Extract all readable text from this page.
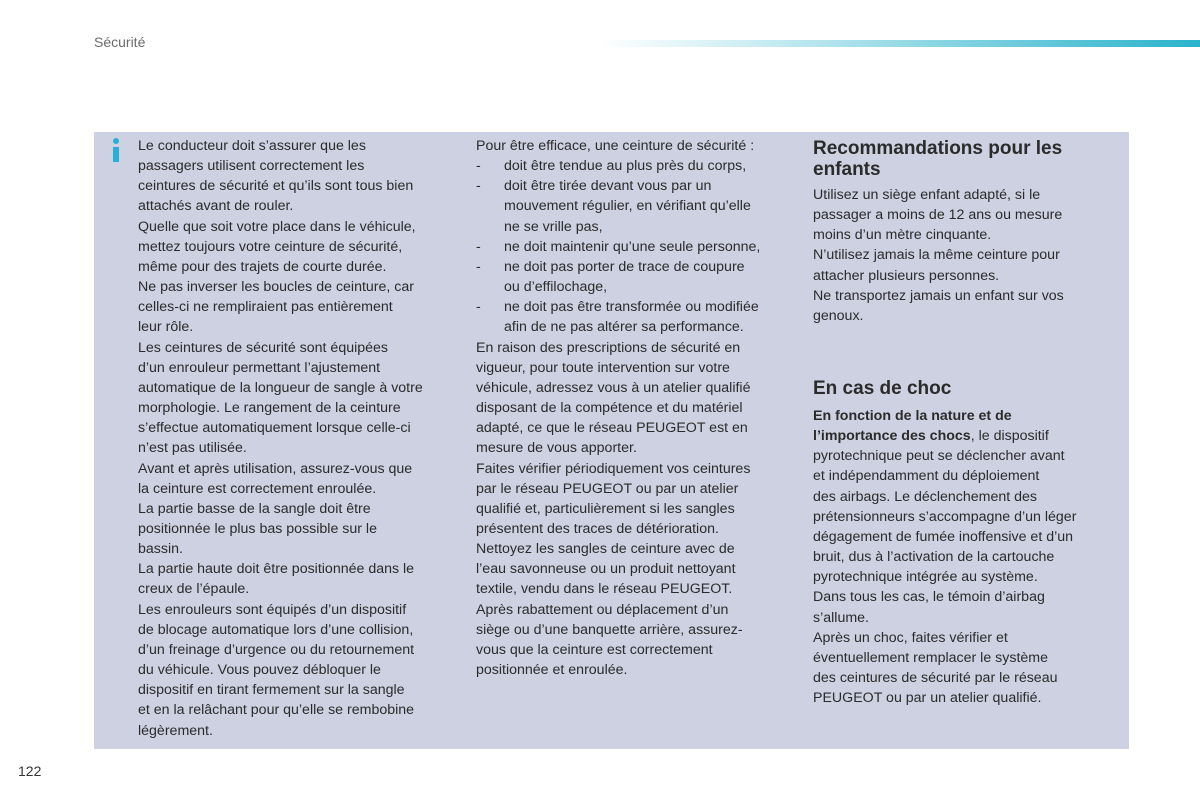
Sécurité
Le conducteur doit s’assurer que les
passagers utilisent correctement les
ceintures de sécurité et qu’ils sont tous bien
attachés avant de rouler.
Quelle que soit votre place dans le véhicule,
mettez toujours votre ceinture de sécurité,
même pour des trajets de courte durée.
Ne pas inverser les boucles de ceinture, car
celles-ci ne rempliraient pas entièrement
leur rôle.
Les ceintures de sécurité sont équipées
d’un enrouleur permettant l’ajustement
automatique de la longueur de sangle à votre
morphologie. Le rangement de la ceinture
s’effectue automatiquement lorsque celle-ci
n’est pas utilisée.
Avant et après utilisation, assurez-vous que
la ceinture est correctement enroulée.
La partie basse de la sangle doit être
positionnée le plus bas possible sur le
bassin.
La partie haute doit être positionnée dans le
creux de l’épaule.
Les enrouleurs sont équipés d’un dispositif
de blocage automatique lors d’une collision,
d’un freinage d’urgence ou du retournement
du véhicule. Vous pouvez débloquer le
dispositif en tirant fermement sur la sangle
et en la relâchant pour qu’elle se rembobine
légèrement.
Pour être efficace, une ceinture de sécurité :
- doit être tendue au plus près du corps,
- doit être tirée devant vous par un
mouvement régulier, en vérifiant qu’elle
ne se vrille pas,
- ne doit maintenir qu’une seule personne,
- ne doit pas porter de trace de coupure
ou d’effilochage,
- ne doit pas être transformée ou modifiée
afin de ne pas altérer sa performance.
En raison des prescriptions de sécurité en
vigueur, pour toute intervention sur votre
véhicule, adressez vous à un atelier qualifié
disposant de la compétence et du matériel
adapté, ce que le réseau PEUGEOT est en
mesure de vous apporter.
Faites vérifier périodiquement vos ceintures
par le réseau PEUGEOT ou par un atelier
qualifié et, particulièrement si les sangles
présentent des traces de détérioration.
Nettoyez les sangles de ceinture avec de
l’eau savonneuse ou un produit nettoyant
textile, vendu dans le réseau PEUGEOT.
Après rabattement ou déplacement d’un
siège ou d’une banquette arrière, assurez-
vous que la ceinture est correctement
positionnée et enroulée.
Recommandations pour les
enfants
Utilisez un siège enfant adapté, si le
passager a moins de 12 ans ou mesure
moins d’un mètre cinquante.
N’utilisez jamais la même ceinture pour
attacher plusieurs personnes.
Ne transportez jamais un enfant sur vos
genoux.
En cas de choc
En fonction de la nature et de
l’importance des chocs, le dispositif
pyrotechnique peut se déclencher avant
et indépendamment du déploiement
des airbags. Le déclenchement des
prétensionneurs s’accompagne d’un léger
dégagement de fumée inoffensive et d’un
bruit, dus à l’activation de la cartouche
pyrotechnique intégrée au système.
Dans tous les cas, le témoin d’airbag
s’allume.
Après un choc, faites vérifier et
éventuellement remplacer le système
des ceintures de sécurité par le réseau
PEUGEOT ou par un atelier qualifié.
122
